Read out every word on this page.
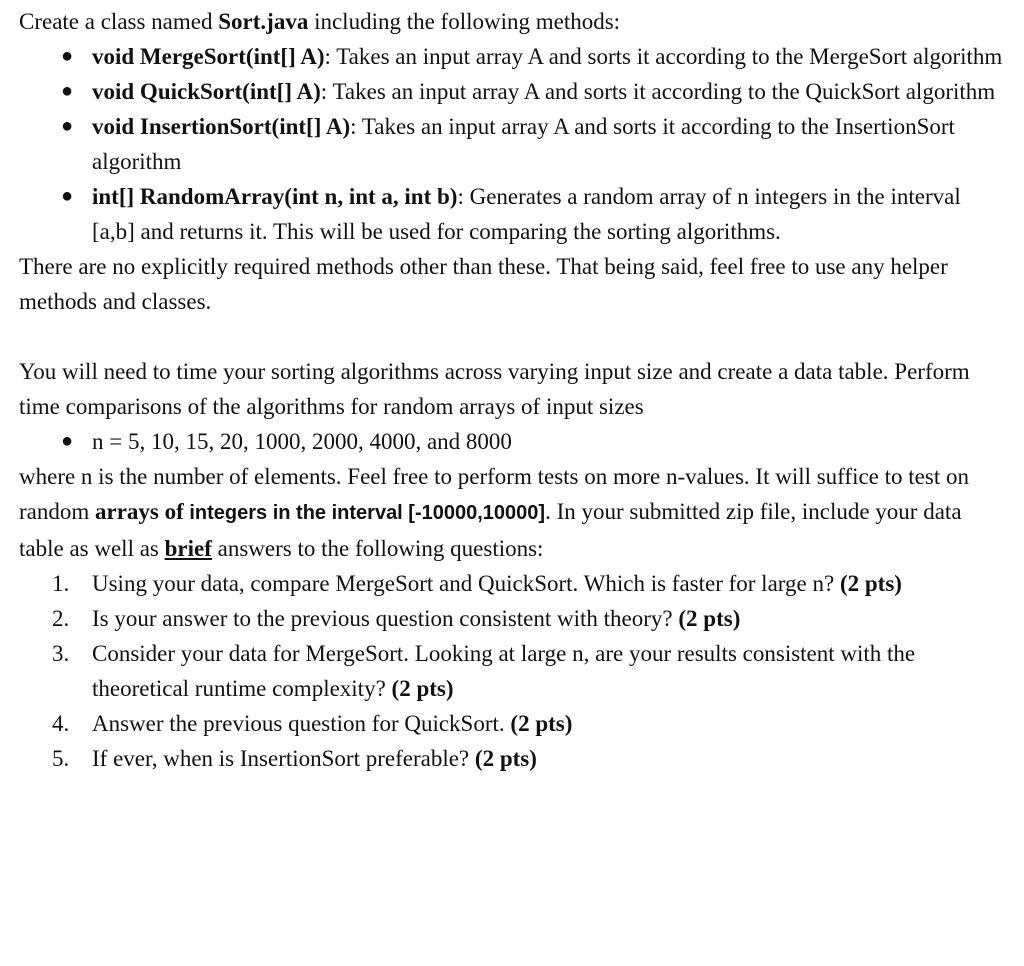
Create a class named Sort.java including the following methods:

● void MergeSort(int[] A): Takes an input array A and sorts it according to the MergeSort algorithm
● void QuickSort(int[] A): Takes an input array A and sorts it according to the QuickSort algorithm
● void InsertionSort(int[] A): Takes an input array A and sorts it according to the InsertionSort algorithm
● int[] RandomArray(int n, int a, int b): Generates a random array of n integers in the interval [a,b] and returns it. This will be used for comparing the sorting algorithms.

There are no explicitly required methods other than these. That being said, feel free to use any helper methods and classes.

You will need to time your sorting algorithms across varying input size and create a data table. Perform time comparisons of the algorithms for random arrays of input sizes

● n = 5, 10, 15, 20, 1000, 2000, 4000, and 8000

where n is the number of elements. Feel free to perform tests on more n-values. It will suffice to test on random arrays of integers in the interval [-10000,10000]. In your submitted zip file, include your data table as well as brief answers to the following questions:

1. Using your data, compare MergeSort and QuickSort. Which is faster for large n? (2 pts)
2. Is your answer to the previous question consistent with theory? (2 pts)
3. Consider your data for MergeSort. Looking at large n, are your results consistent with the theoretical runtime complexity? (2 pts)
4. Answer the previous question for QuickSort. (2 pts)
5. If ever, when is InsertionSort preferable? (2 pts)
